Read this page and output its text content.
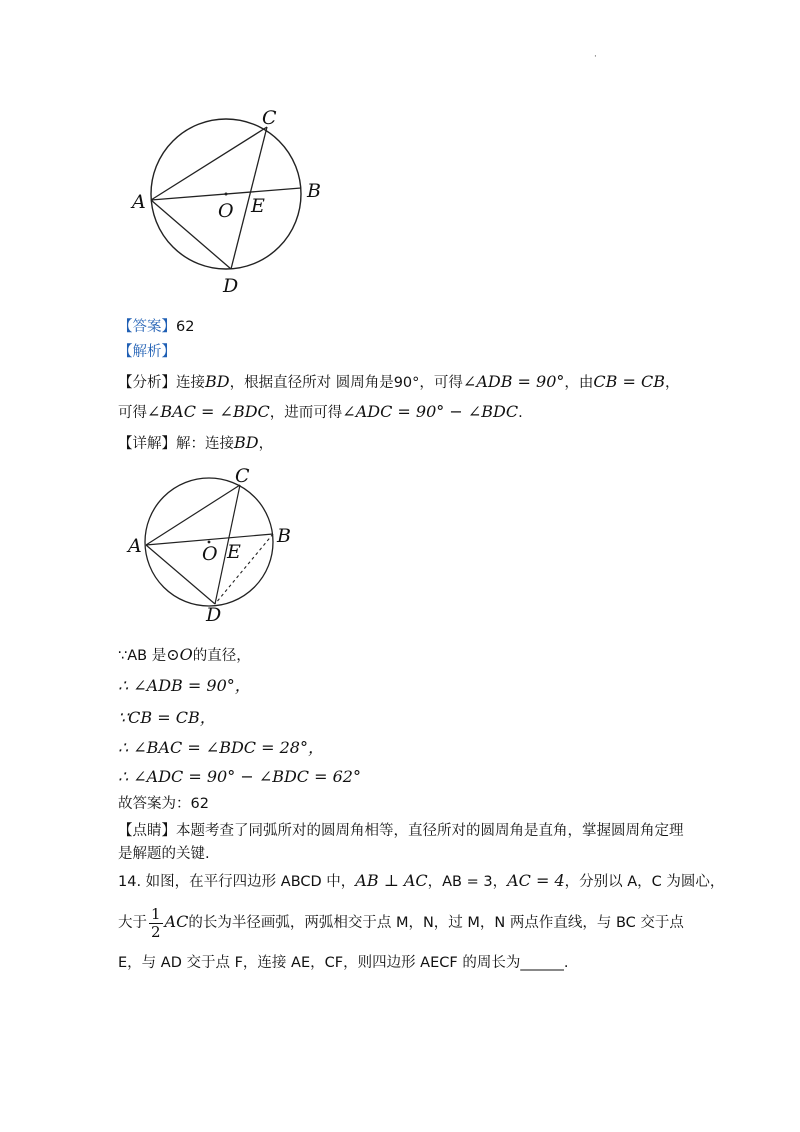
·
A	B
C
D
E
O
【答案】62
【解析】
【分析】连接BD，根据直径所对 圆周角是90°，可得∠ADB = 90°，由CB = CB，
可得∠BAC = ∠BDC，进而可得∠ADC = 90° − ∠BDC.
【详解】解：连接BD，
A	B
C
D
E
O
∵AB 是⊙O的直径，
∴ ∠ADB = 90°，
∵CB = CB，
∴ ∠BAC = ∠BDC = 28°，
∴ ∠ADC = 90° − ∠BDC = 62°
故答案为：62
【点睛】本题考查了同弧所对的圆周角相等，直径所对的圆周角是直角，掌握圆周角定理
是解题的关键.
14. 如图，在平行四边形 ABCD 中，AB ⊥ AC，AB = 3，AC = 4，分别以 A，C 为圆心，
大于 $\frac{1}{2}$ AC的长为半径画弧，两弧相交于点 M，N，过 M，N 两点作直线，与 BC 交于点
E，与 AD 交于点 F，连接 AE，CF，则四边形 AECF 的周长为______.
